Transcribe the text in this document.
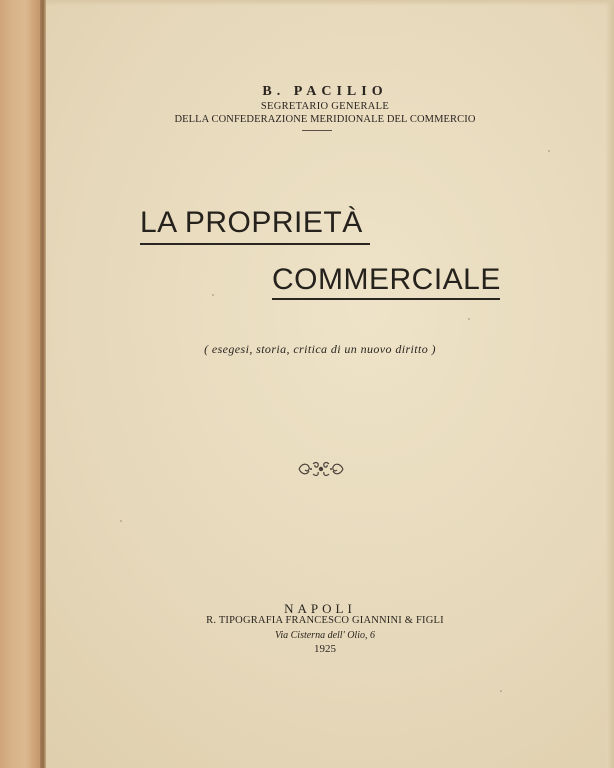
B. PACILIO
SEGRETARIO GENERALE
DELLA CONFEDERAZIONE MERIDIONALE DEL COMMERCIO
LA PROPRIETÀ
COMMERCIALE
( esegesi, storia, critica di un nuovo diritto )
NAPOLI
R. TIPOGRAFIA FRANCESCO GIANNINI & FIGLI
Via Cisterna dell' Olio, 6
1925
